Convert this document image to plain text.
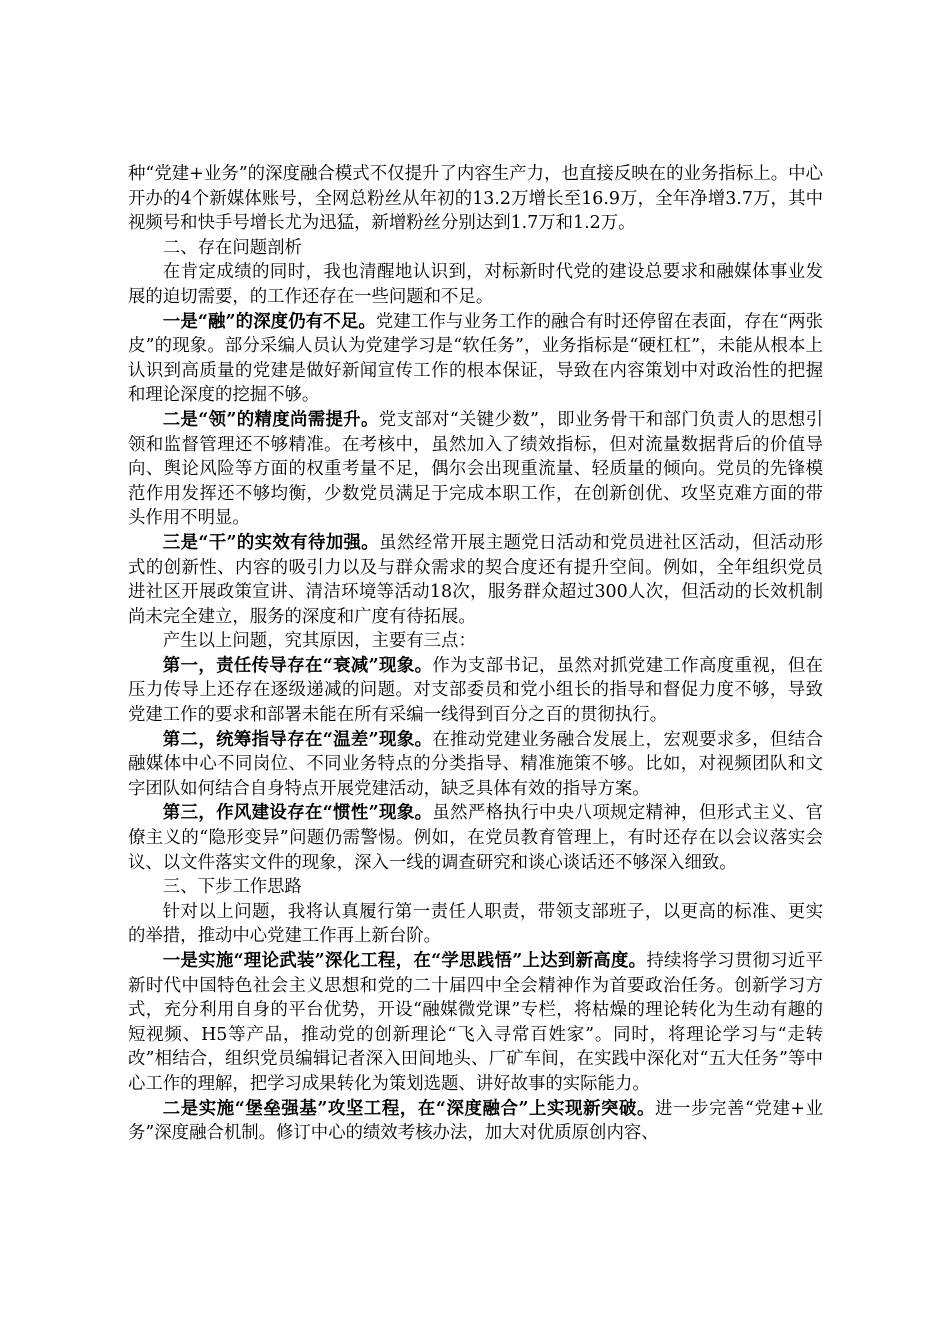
种“党建+业务”的深度融合模式不仅提升了内容生产力，也直接反映在的业务指标上。中心开办的4个新媒体账号，全网总粉丝从年初的13.2万增长至16.9万，全年净增3.7万，其中视频号和快手号增长尤为迅猛，新增粉丝分别达到1.7万和1.2万。

二、存在问题剖析

在肯定成绩的同时，我也清醒地认识到，对标新时代党的建设总要求和融媒体事业发展的迫切需要，的工作还存在一些问题和不足。

一是“融”的深度仍有不足。党建工作与业务工作的融合有时还停留在表面，存在“两张皮”的现象。部分采编人员认为党建学习是“软任务”，业务指标是“硬杠杠”，未能从根本上认识到高质量的党建是做好新闻宣传工作的根本保证，导致在内容策划中对政治性的把握和理论深度的挖掘不够。

二是“领”的精度尚需提升。党支部对“关键少数”，即业务骨干和部门负责人的思想引领和监督管理还不够精准。在考核中，虽然加入了绩效指标，但对流量数据背后的价值导向、舆论风险等方面的权重考量不足，偶尔会出现重流量、轻质量的倾向。党员的先锋模范作用发挥还不够均衡，少数党员满足于完成本职工作，在创新创优、攻坚克难方面的带头作用不明显。

三是“干”的实效有待加强。虽然经常开展主题党日活动和党员进社区活动，但活动形式的创新性、内容的吸引力以及与群众需求的契合度还有提升空间。例如，全年组织党员进社区开展政策宣讲、清洁环境等活动18次，服务群众超过300人次，但活动的长效机制尚未完全建立，服务的深度和广度有待拓展。

产生以上问题，究其原因，主要有三点：

第一，责任传导存在“衰减”现象。作为支部书记，虽然对抓党建工作高度重视，但在压力传导上还存在逐级递减的问题。对支部委员和党小组长的指导和督促力度不够，导致党建工作的要求和部署未能在所有采编一线得到百分之百的贯彻执行。

第二，统筹指导存在“温差”现象。在推动党建业务融合发展上，宏观要求多，但结合融媒体中心不同岗位、不同业务特点的分类指导、精准施策不够。比如，对视频团队和文字团队如何结合自身特点开展党建活动，缺乏具体有效的指导方案。

第三，作风建设存在“惯性”现象。虽然严格执行中央八项规定精神，但形式主义、官僚主义的“隐形变异”问题仍需警惕。例如，在党员教育管理上，有时还存在以会议落实会议、以文件落实文件的现象，深入一线的调查研究和谈心谈话还不够深入细致。

三、下步工作思路

针对以上问题，我将认真履行第一责任人职责，带领支部班子，以更高的标准、更实的举措，推动中心党建工作再上新台阶。

一是实施“理论武装”深化工程，在“学思践悟”上达到新高度。持续将学习贯彻习近平新时代中国特色社会主义思想和党的二十届四中全会精神作为首要政治任务。创新学习方式，充分利用自身的平台优势，开设“融媒微党课”专栏，将枯燥的理论转化为生动有趣的短视频、H5等产品，推动党的创新理论“飞入寻常百姓家”。同时，将理论学习与“走转改”相结合，组织党员编辑记者深入田间地头、厂矿车间，在实践中深化对“五大任务”等中心工作的理解，把学习成果转化为策划选题、讲好故事的实际能力。

二是实施“堡垒强基”攻坚工程，在“深度融合”上实现新突破。进一步完善“党建+业务”深度融合机制。修订中心的绩效考核办法，加大对优质原创内容、
